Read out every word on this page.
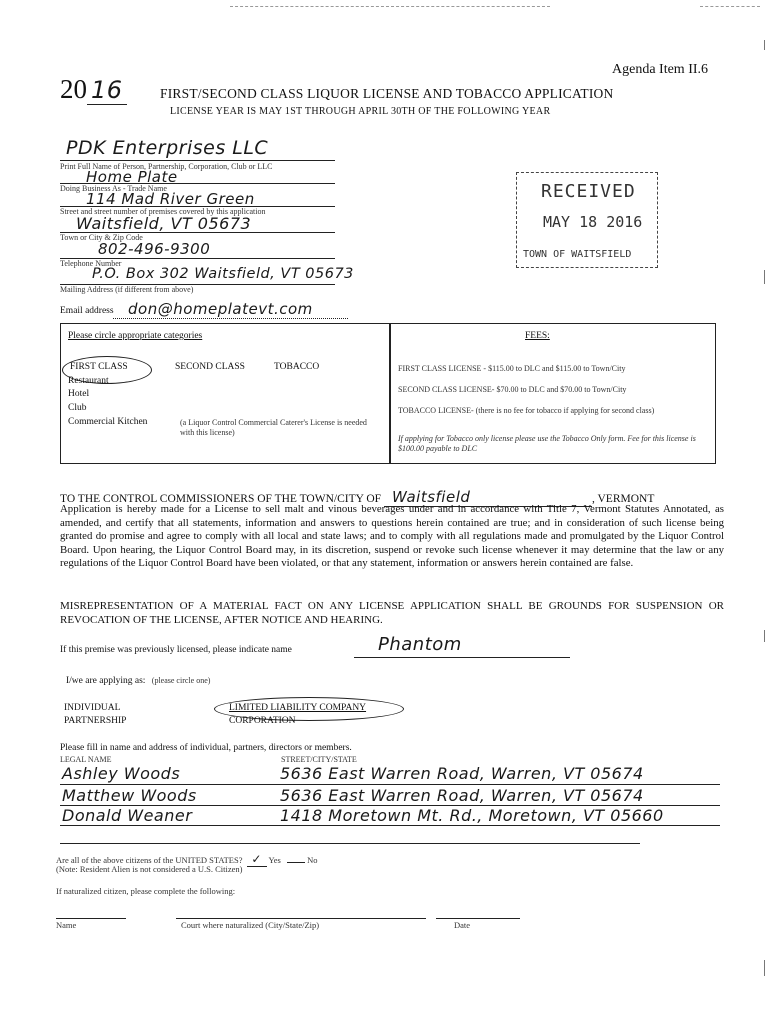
Agenda Item II.6
20 16	FIRST/SECOND CLASS LIQUOR LICENSE AND TOBACCO APPLICATION
LICENSE YEAR IS MAY 1ST THROUGH APRIL 30TH OF THE FOLLOWING YEAR
PDK Enterprises LLC
Print Full Name of Person, Partnership, Corporation, Club or LLC
Home Plate
Doing Business As - Trade Name
114 Mad River Green
Street and street number of premises covered by this application
Waitsfield, VT 05673
Town or City & Zip Code
802-496-9300
Telephone Number
P.O. Box 302 Waitsfield, VT 05673
Mailing Address (if different from above)
Email address don@homeplatevt.com
RECEIVED
MAY 18 2016
TOWN OF WAITSFIELD
Please circle appropriate categories
FIRST CLASS	SECOND CLASS	TOBACCO
Restaurant
Hotel
Club
Commercial Kitchen	(a Liquor Control Commercial Caterer's License is needed with this license)
FEES:
FIRST CLASS LICENSE - $115.00 to DLC and $115.00 to Town/City
SECOND CLASS LICENSE- $70.00 to DLC and $70.00 to Town/City
TOBACCO LICENSE- (there is no fee for tobacco if applying for second class)
If applying for Tobacco only license please use the Tobacco Only form. Fee for this license is $100.00 payable to DLC
TO THE CONTROL COMMISSIONERS OF THE TOWN/CITY OF Waitsfield	, VERMONT
Application is hereby made for a License to sell malt and vinous beverages under and in accordance with Title 7, Vermont Statutes Annotated, as amended, and certify that all statements, information and answers to questions herein contained are true; and in consideration of such license being granted do promise and agree to comply with all local and state laws; and to comply with all regulations made and promulgated by the Liquor Control Board. Upon hearing, the Liquor Control Board may, in its discretion, suspend or revoke such license whenever it may determine that the law or any regulations of the Liquor Control Board have been violated, or that any statement, information or answers herein contained are false.
MISREPRESENTATION OF A MATERIAL FACT ON ANY LICENSE APPLICATION SHALL BE GROUNDS FOR SUSPENSION OR REVOCATION OF THE LICENSE, AFTER NOTICE AND HEARING.
If this premise was previously licensed, please indicate name	Phantom
I/we are applying as: (please circle one)
INDIVIDUAL
PARTNERSHIP
LIMITED LIABILITY COMPANY
CORPORATION
Please fill in name and address of individual, partners, directors or members.
LEGAL NAME	STREET/CITY/STATE
Ashley Woods	5636 East Warren Road, Warren, VT 05674
Matthew Woods	5636 East Warren Road, Warren, VT 05674
Donald Weaner	1418 Moretown Mt. Rd., Moretown, VT 05660
Are all of the above citizens of the UNITED STATES? ✓ Yes	No
(Note: Resident Alien is not considered a U.S. Citizen)
If naturalized citizen, please complete the following:
Name	Court where naturalized (City/State/Zip)	Date
